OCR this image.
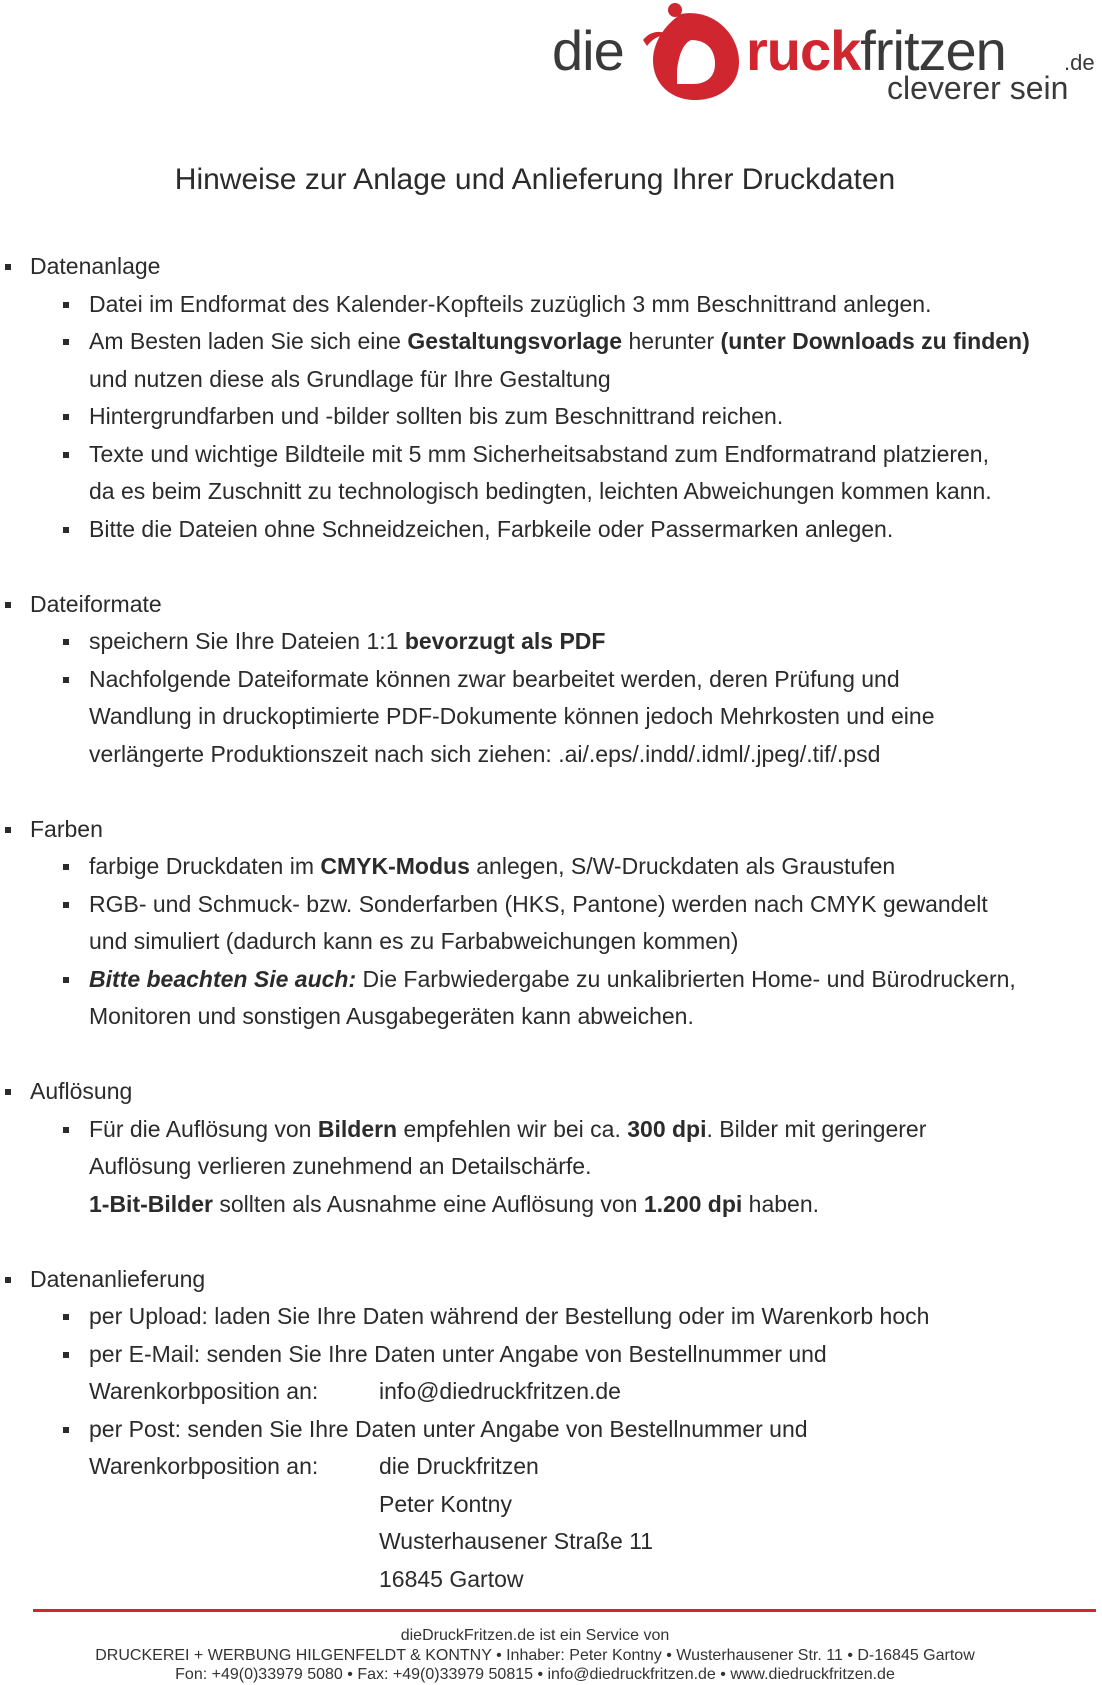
die ruckfritzen	.de
cleverer sein
Hinweise zur Anlage und Anlieferung Ihrer Druckdaten
Datenanlage
Datei im Endformat des Kalender-Kopfteils zuzüglich 3 mm Beschnittrand anlegen.
Am Besten laden Sie sich eine Gestaltungsvorlage herunter (unter Downloads zu finden)
und nutzen diese als Grundlage für Ihre Gestaltung
Hintergrundfarben und -bilder sollten bis zum Beschnittrand reichen.
Texte und wichtige Bildteile mit 5 mm Sicherheitsabstand zum Endformatrand platzieren,
da es beim Zuschnitt zu technologisch bedingten, leichten Abweichungen kommen kann.
Bitte die Dateien ohne Schneidzeichen, Farbkeile oder Passermarken anlegen.
Dateiformate
speichern Sie Ihre Dateien 1:1 bevorzugt als PDF
Nachfolgende Dateiformate können zwar bearbeitet werden, deren Prüfung und
Wandlung in druckoptimierte PDF-Dokumente können jedoch Mehrkosten und eine
verlängerte Produktionszeit nach sich ziehen: .ai/.eps/.indd/.idml/.jpeg/.tif/.psd
Farben
farbige Druckdaten im CMYK-Modus anlegen, S/W-Druckdaten als Graustufen
RGB- und Schmuck- bzw. Sonderfarben (HKS, Pantone) werden nach CMYK gewandelt
und simuliert (dadurch kann es zu Farbabweichungen kommen)
Bitte beachten Sie auch: Die Farbwiedergabe zu unkalibrierten Home- und Bürodruckern,
Monitoren und sonstigen Ausgabegeräten kann abweichen.
Auflösung
Für die Auflösung von Bildern empfehlen wir bei ca. 300 dpi. Bilder mit geringerer
Auflösung verlieren zunehmend an Detailschärfe.
1-Bit-Bilder sollten als Ausnahme eine Auflösung von 1.200 dpi haben.
Datenanlieferung
per Upload: laden Sie Ihre Daten während der Bestellung oder im Warenkorb hoch
per E-Mail: senden Sie Ihre Daten unter Angabe von Bestellnummer und
Warenkorbposition an:	info@diedruckfritzen.de
per Post: senden Sie Ihre Daten unter Angabe von Bestellnummer und
Warenkorbposition an:	die Druckfritzen
Peter Kontny
Wusterhausener Straße 11
16845 Gartow
dieDruckFritzen.de ist ein Service von
DRUCKEREI + WERBUNG HILGENFELDT & KONTNY • Inhaber: Peter Kontny • Wusterhausener Str. 11 • D-16845 Gartow
Fon: +49(0)33979 5080 • Fax: +49(0)33979 50815 • info@diedruckfritzen.de • www.diedruckfritzen.de
